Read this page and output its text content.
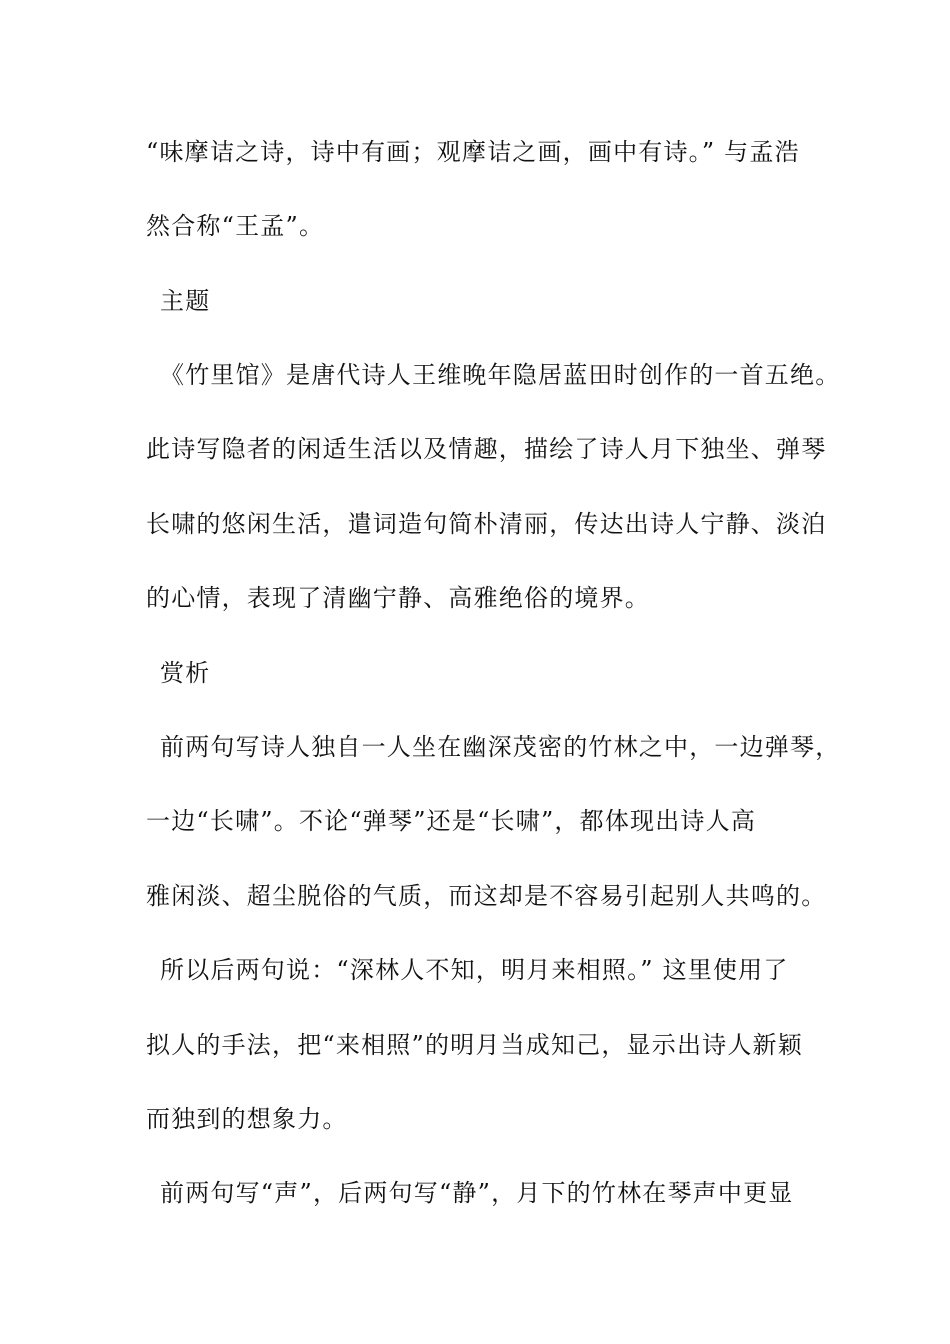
“味摩诘之诗，诗中有画；观摩诘之画，画中有诗。” 与孟浩
然合称“王孟”。
主题
《竹里馆》是唐代诗人王维晚年隐居蓝田时创作的一首五绝。
此诗写隐者的闲适生活以及情趣，描绘了诗人月下独坐、弹琴
长啸的悠闲生活，遣词造句简朴清丽，传达出诗人宁静、淡泊
的心情，表现了清幽宁静、高雅绝俗的境界。
赏析
前两句写诗人独自一人坐在幽深茂密的竹林之中，一边弹琴，
一边“长啸”。不论“弹琴”还是“长啸”，都体现出诗人高
雅闲淡、超尘脱俗的气质，而这却是不容易引起别人共鸣的。
所以后两句说：“深林人不知，明月来相照。” 这里使用了
拟人的手法，把“来相照”的明月当成知己，显示出诗人新颖
而独到的想象力。
前两句写“声”，后两句写“静”，月下的竹林在琴声中更显
